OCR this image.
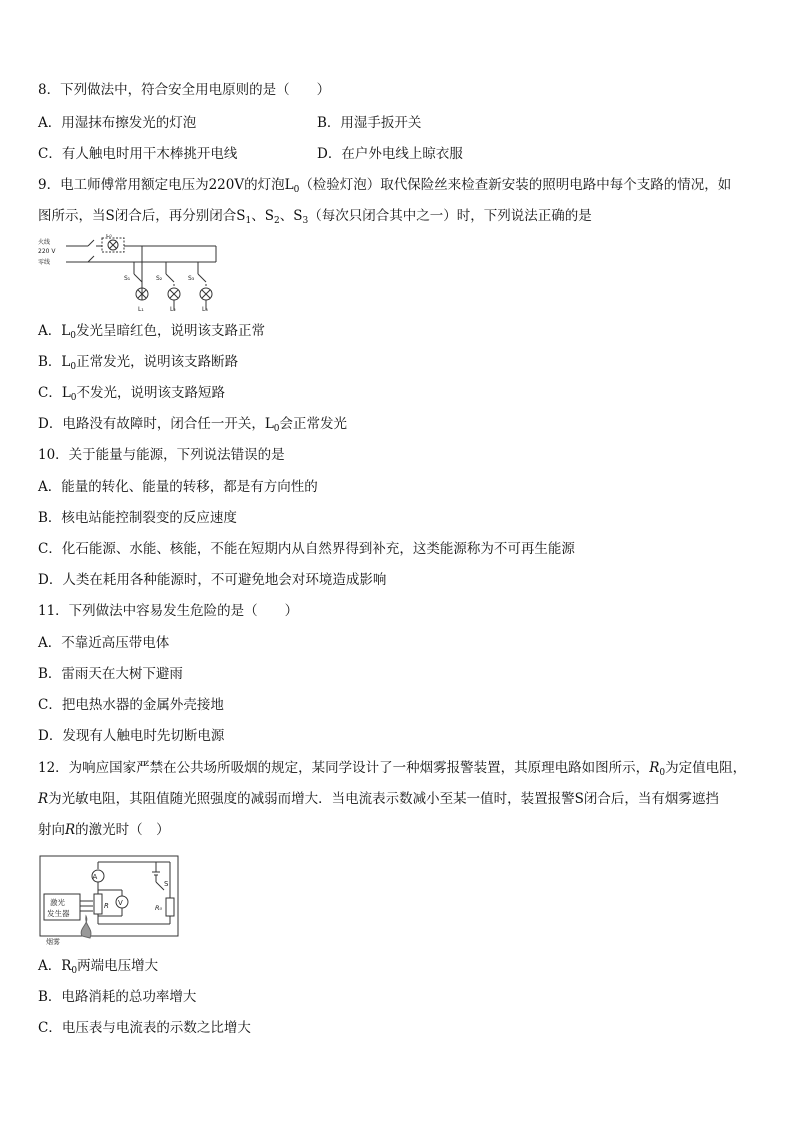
8．下列做法中，符合安全用电原则的是（　　）
A．用湿抹布擦发光的灯泡	B．用湿手扳开关
C．有人触电时用干木棒挑开电线	D．在户外电线上晾衣服
9．电工师傅常用额定电压为220V的灯泡$L_0$（检验灯泡）取代保险丝来检查新安装的照明电路中每个支路的情况，如
图所示，当S闭合后，再分别闭合$S_1$、$S_2$、$S_3$（每次只闭合其中之一）时，下列说法正确的是
火线
220 V
零线
L₀
S₁	S₂	S₃
L₁	L₂	L₃
A．$L_0$发光呈暗红色，说明该支路正常
B．$L_0$正常发光，说明该支路断路
C．$L_0$不发光，说明该支路短路
D．电路没有故障时，闭合任一开关，$L_0$会正常发光
10．关于能量与能源，下列说法错误的是
A．能量的转化、能量的转移，都是有方向性的
B．核电站能控制裂变的反应速度
C．化石能源、水能、核能，不能在短期内从自然界得到补充，这类能源称为不可再生能源
D．人类在耗用各种能源时，不可避免地会对环境造成影响
11．下列做法中容易发生危险的是（　　）
A．不靠近高压带电体
B．雷雨天在大树下避雨
C．把电热水器的金属外壳接地
D．发现有人触电时先切断电源
12．为响应国家严禁在公共场所吸烟的规定，某同学设计了一种烟雾报警装置，其原理电路如图所示，$R_0$为定值电阻，
R为光敏电阻，其阻值随光照强度的减弱而增大．当电流表示数减小至某一值时，装置报警S闭合后，当有烟雾遮挡
射向R的激光时（　）
A
V
R	R₀
S
激光
发生器
烟雾
A．$R_0$两端电压增大
B．电路消耗的总功率增大
C．电压表与电流表的示数之比增大
